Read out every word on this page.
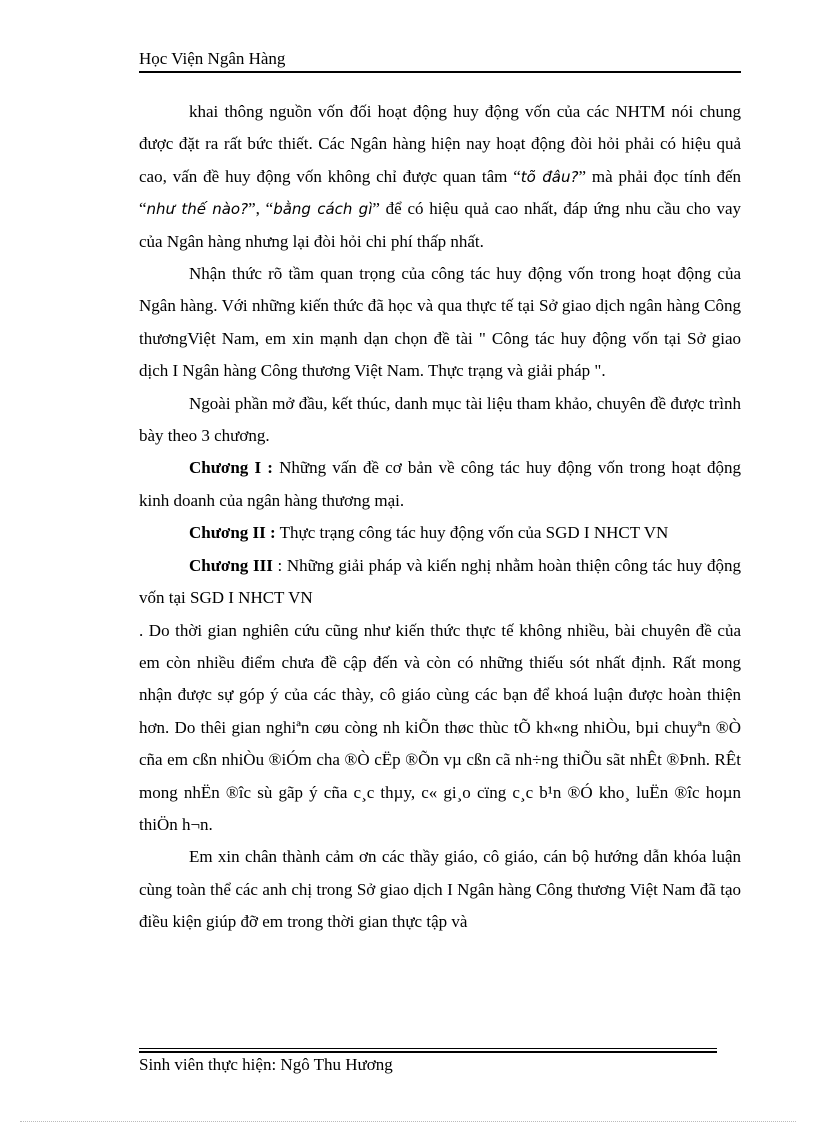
Học Viện Ngân Hàng

khai thông nguồn vốn đối hoạt động huy động vốn của các NHTM nói chung được đặt ra rất bức thiết. Các Ngân hàng hiện nay hoạt động đòi hỏi phải có hiệu quả cao, vấn đề huy động vốn không chỉ được quan tâm “tõ đâu?” mà phải đọc tính đến “như thế nào?”, “bằng cách gì” để có hiệu quả cao nhất, đáp ứng nhu cầu cho vay của Ngân hàng nhưng lại đòi hỏi chi phí thấp nhất.

Nhận thức rõ tầm quan trọng của công tác huy động vốn trong hoạt động của Ngân hàng. Với những kiến thức đã học và qua thực tế tại Sở giao dịch ngân hàng Công thươngViệt Nam, em xin mạnh dạn chọn đề tài " Công tác huy động vốn tại Sở giao dịch I Ngân hàng Công thương Việt Nam. Thực trạng và giải pháp ".

Ngoài phần mở đầu, kết thúc, danh mục tài liệu tham khảo, chuyên đề được trình bày theo 3 chương.

Chương I : Những vấn đề cơ bản về công tác huy động vốn trong hoạt động kinh doanh của ngân hàng thương mại.

Chương II : Thực trạng công tác huy động vốn của SGD I NHCT VN

Chương III : Những giải pháp và kiến nghị nhằm hoàn thiện công tác huy động vốn tại SGD I NHCT VN

. Do thời gian nghiên cứu cũng như kiến thức thực tế không nhiều, bài chuyên đề của em còn nhiều điểm chưa đề cập đến và còn có những thiếu sót nhất định. Rất mong nhận được sự góp ý của các thày, cô giáo cùng các bạn để khoá luận được hoàn thiện hơn. Do thêi gian nghiªn cøu còng nh kiÕn thøc thùc tÕ kh«ng nhiÒu, bµi chuyªn ®Ò cña em cßn nhiÒu ®iÓm cha ®Ò cËp ®Õn vµ cßn cã nh÷ng thiÕu sãt nhÊt ®Þnh. RÊt mong nhËn ®îc sù gãp ý cña c¸c thµy, c« gi¸o cïng c¸c b¹n ®Ó kho¸ luËn ®îc hoµn thiÖn h¬n.

Em xin chân thành cảm ơn các thầy giáo, cô giáo, cán bộ hướng dẫn khóa luận cùng toàn thể các anh chị trong Sở giao dịch I Ngân hàng Công thương Việt Nam đã tạo điều kiện giúp đỡ em trong thời gian thực tập và

Sinh viên thực hiện: Ngô Thu Hương
